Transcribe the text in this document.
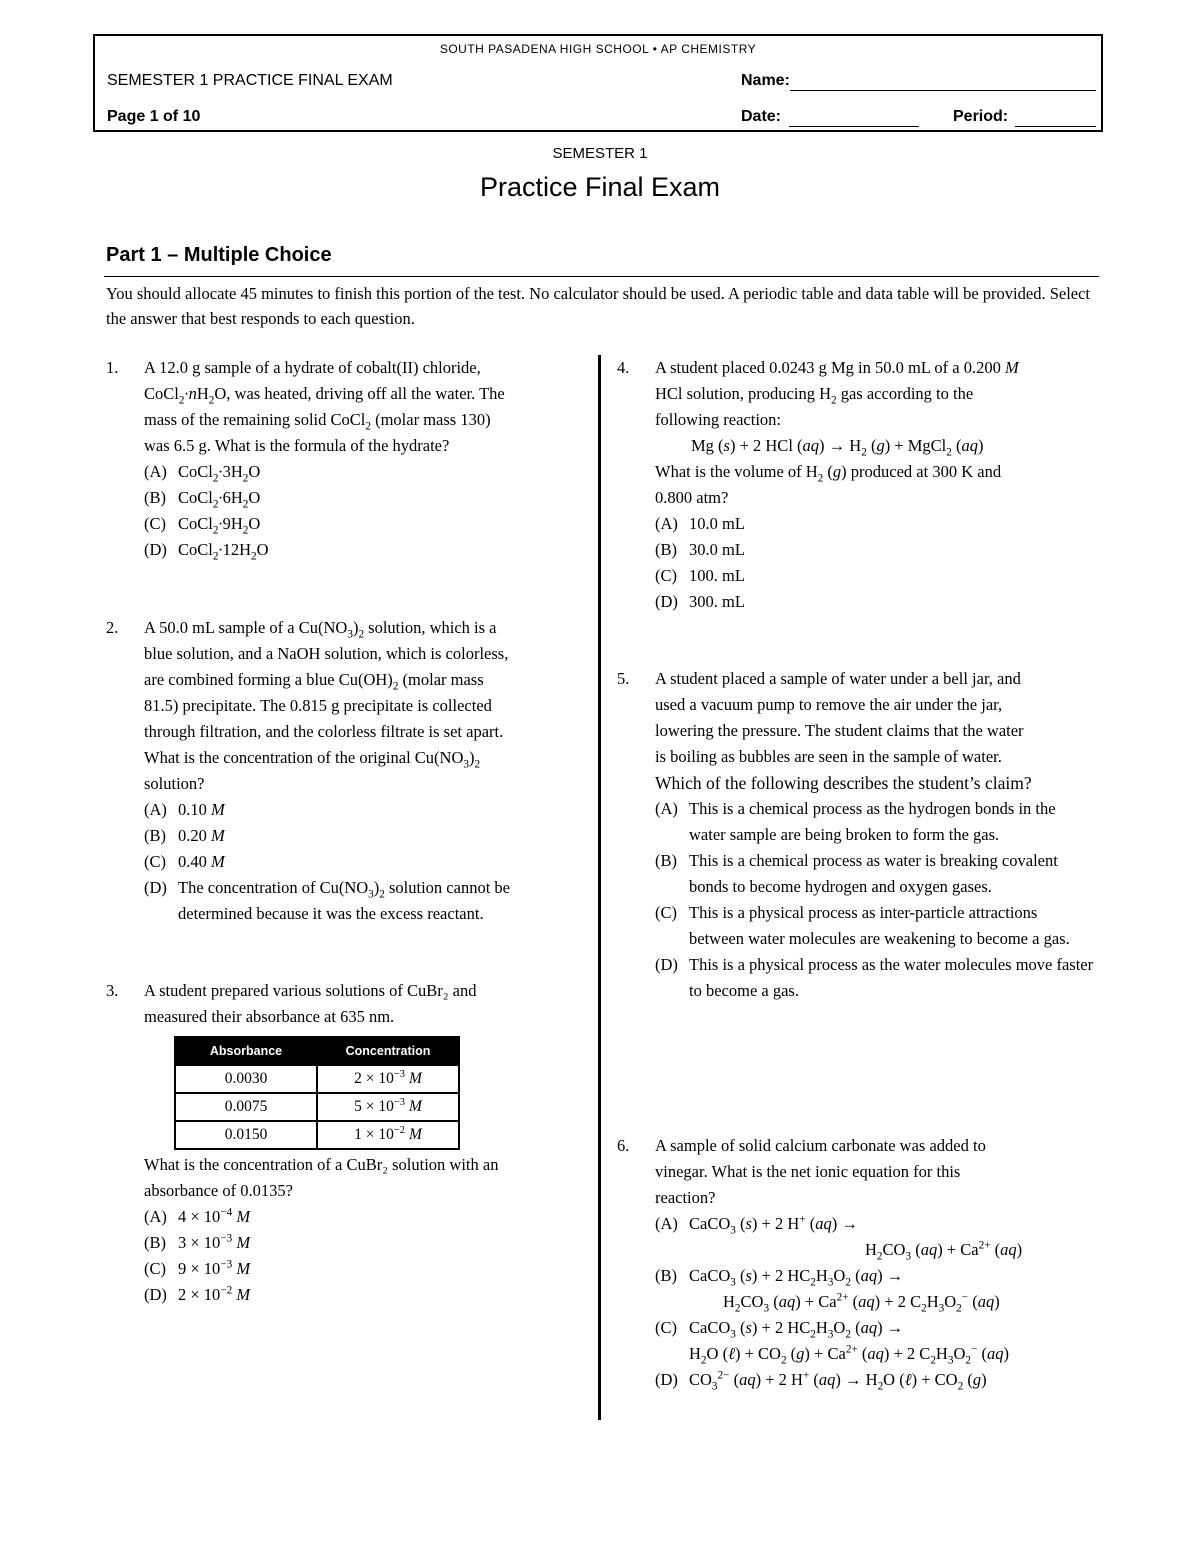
SOUTH PASADENA HIGH SCHOOL • AP CHEMISTRY
SEMESTER 1 PRACTICE FINAL EXAM
Page 1 of 10
Name:
Date:	Period:
SEMESTER 1
Practice Final Exam
Part 1 – Multiple Choice
You should allocate 45 minutes to finish this portion of the test. No calculator should be used. A periodic table and data table will be provided. Select the answer that best responds to each question.
1. A 12.0 g sample of a hydrate of cobalt(II) chloride,
$CoCl_2\cdot nH_2O$, was heated, driving off all the water. The
mass of the remaining solid CoCl$_2$ (molar mass 130)
was 6.5 g. What is the formula of the hydrate?
(A) $CoCl_2\cdot 3H_2O$
(B) $CoCl_2\cdot 6H_2O$
(C) $CoCl_2\cdot 9H_2O$
(D) $CoCl_2\cdot 12H_2O$
2. A 50.0 mL sample of a $Cu(NO_3)_2$ solution, which is a
blue solution, and a NaOH solution, which is colorless,
are combined forming a blue $Cu(OH)_2$ (molar mass
81.5) precipitate. The 0.815 g precipitate is collected
through filtration, and the colorless filtrate is set apart.
What is the concentration of the original $Cu(NO_3)_2$
solution?
(A) 0.10 M
(B) 0.20 M
(C) 0.40 M
(D) The concentration of $Cu(NO_3)_2$ solution cannot be
determined because it was the excess reactant.
3. A student prepared various solutions of CuBr₂ and
measured their absorbance at 635 nm.
Absorbance	Concentration
0.0030	$2 \times 10^{-3}$ M
0.0075	$5 \times 10^{-3}$ M
0.0150	$1 \times 10^{-2}$ M
What is the concentration of a CuBr₂ solution with an
absorbance of 0.0135?
(A) $4 \times 10^{-4}$ M
(B) $3 \times 10^{-3}$ M
(C) $9 \times 10^{-3}$ M
(D) $2 \times 10^{-2}$ M
4. A student placed 0.0243 g Mg in 50.0 mL of a 0.200 M
HCl solution, producing $H_2$ gas according to the
following reaction:
Mg (s) + 2 HCl $(aq) \to H_2$ (g) + MgCl$_2$ (aq)
What is the volume of $H_2$ (g) produced at 300 K and
0.800 atm?
(A) 10.0 mL
(B) 30.0 mL
(C) 100. mL
(D) 300. mL
5. A student placed a sample of water under a bell jar, and
used a vacuum pump to remove the air under the jar,
lowering the pressure. The student claims that the water
is boiling as bubbles are seen in the sample of water.
Which of the following describes the student’s claim?
(A) This is a chemical process as the hydrogen bonds in the water sample are being broken to form the gas.
(B) This is a chemical process as water is breaking covalent bonds to become hydrogen and oxygen gases.
(C) This is a physical process as inter-particle attractions between water molecules are weakening to become a gas.
(D) This is a physical process as the water molecules move faster to become a gas.
6. A sample of solid calcium carbonate was added to
vinegar. What is the net ionic equation for this
reaction?
(A) CaCO$_3$ (s) + 2 H+ (aq) →
$H_2CO_3$ $(aq) + Ca^{2+}$ (aq)
(B) CaCO$_3$ (s) + 2 $HC_2H_3O_2$ (aq) →
$H_2CO_3$ $(aq) + Ca^{2+}$ (aq) + 2 $C_2H_3O_2^-$ (aq)
(C) CaCO$_3$ (s) + 2 $HC_2H_3O_2$ (aq) →
$H_2O$ (ℓ) + $CO_2$ $(g) + Ca^{2+}$ (aq) + 2 $C_2H_3O_2^-$ (aq)
(D) $CO_3^{2-}$ (aq) + 2 H+ $(aq) \to H_2O$ (ℓ) + $CO_2$ (g)
